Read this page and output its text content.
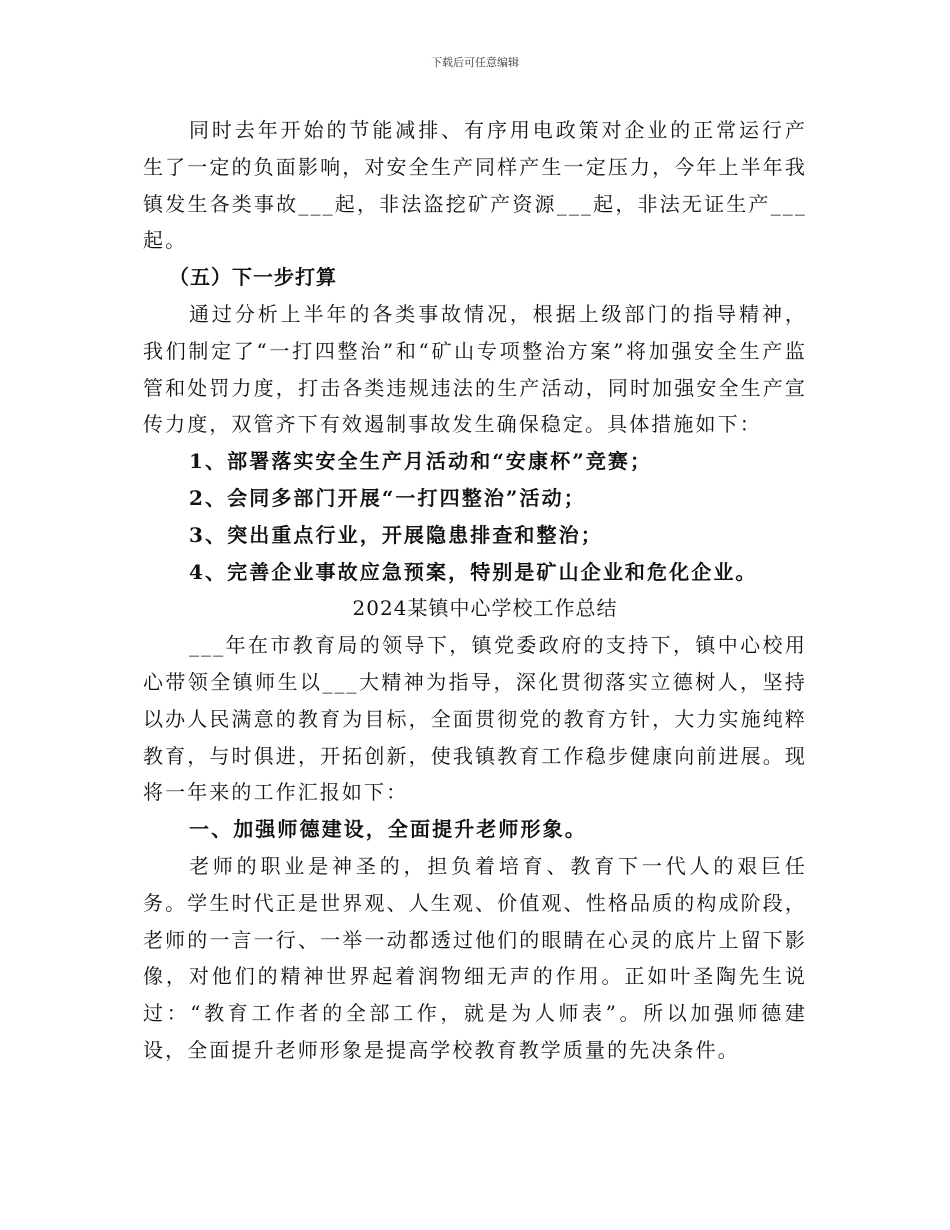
下载后可任意编辑

同时去年开始的节能减排、有序用电政策对企业的正常运行产生了一定的负面影响，对安全生产同样产生一定压力，今年上半年我镇发生各类事故___起，非法盗挖矿产资源___起，非法无证生产___起。

（五）下一步打算

通过分析上半年的各类事故情况，根据上级部门的指导精神，我们制定了“一打四整治”和“矿山专项整治方案”将加强安全生产监管和处罚力度，打击各类违规违法的生产活动，同时加强安全生产宣传力度，双管齐下有效遏制事故发生确保稳定。具体措施如下：

1、部署落实安全生产月活动和“安康杯”竞赛；

2、会同多部门开展“一打四整治”活动；

3、突出重点行业，开展隐患排查和整治；

4、完善企业事故应急预案，特别是矿山企业和危化企业。

2024某镇中心学校工作总结

___年在市教育局的领导下，镇党委政府的支持下，镇中心校用心带领全镇师生以___大精神为指导，深化贯彻落实立德树人，坚持以办人民满意的教育为目标，全面贯彻党的教育方针，大力实施纯粹教育，与时俱进，开拓创新，使我镇教育工作稳步健康向前进展。现将一年来的工作汇报如下：

一、加强师德建设，全面提升老师形象。

老师的职业是神圣的，担负着培育、教育下一代人的艰巨任务。学生时代正是世界观、人生观、价值观、性格品质的构成阶段，老师的一言一行、一举一动都透过他们的眼睛在心灵的底片上留下影像，对他们的精神世界起着润物细无声的作用。正如叶圣陶先生说过：“教育工作者的全部工作，就是为人师表”。所以加强师德建设，全面提升老师形象是提高学校教育教学质量的先决条件。
